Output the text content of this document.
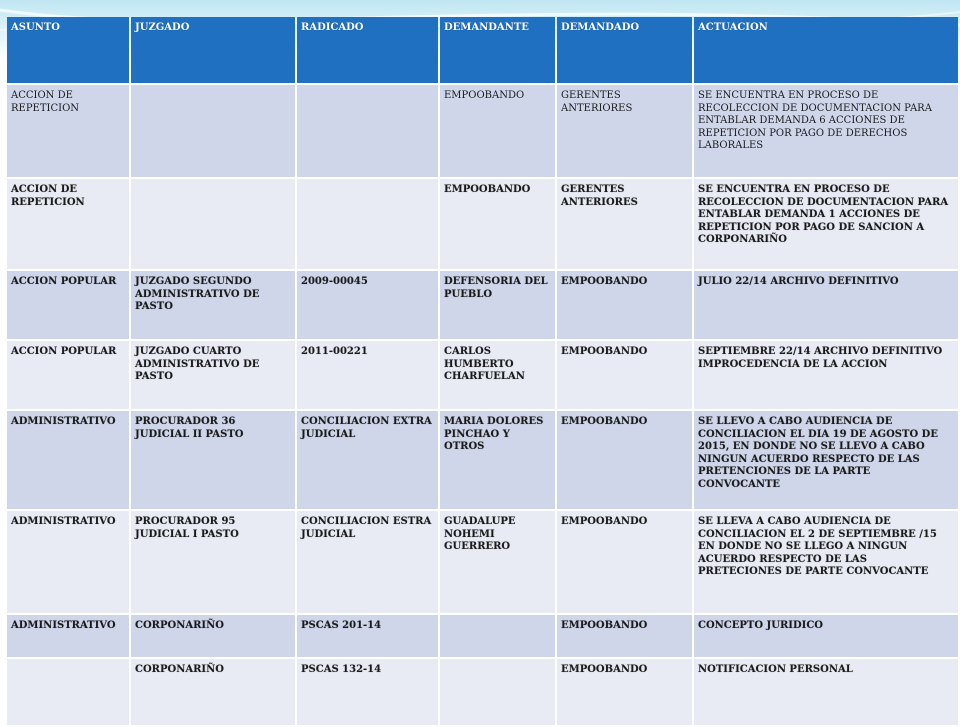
ASUNTO	JUZGADO	RADICADO	DEMANDANTE	DEMANDADO	ACTUACION
ACCION DE REPETICION			EMPOOBANDO	GERENTES ANTERIORES	SE ENCUENTRA EN PROCESO DE RECOLECCION DE DOCUMENTACION PARA ENTABLAR DEMANDA 6 ACCIONES DE REPETICION POR PAGO DE DERECHOS LABORALES
ACCION DE REPETICION			EMPOOBANDO	GERENTES ANTERIORES	SE ENCUENTRA EN PROCESO DE RECOLECCION DE DOCUMENTACION PARA ENTABLAR DEMANDA 1 ACCIONES DE REPETICION POR PAGO DE SANCION A CORPONARIÑO
ACCION POPULAR	JUZGADO SEGUNDO ADMINISTRATIVO DE PASTO	2009-00045	DEFENSORIA DEL PUEBLO	EMPOOBANDO	JULIO 22/14 ARCHIVO DEFINITIVO
ACCION POPULAR	JUZGADO CUARTO ADMINISTRATIVO DE PASTO	2011-00221	CARLOS HUMBERTO CHARFUELAN	EMPOOBANDO	SEPTIEMBRE 22/14 ARCHIVO DEFINITIVO IMPROCEDENCIA DE LA ACCION
ADMINISTRATIVO	PROCURADOR 36 JUDICIAL II PASTO	CONCILIACION EXTRA JUDICIAL	MARIA DOLORES PINCHAO Y OTROS	EMPOOBANDO	SE LLEVO A CABO AUDIENCIA DE CONCILIACION EL DIA 19 DE AGOSTO DE 2015, EN DONDE NO SE LLEVO A CABO NINGUN ACUERDO RESPECTO DE LAS PRETENCIONES DE LA PARTE CONVOCANTE
ADMINISTRATIVO	PROCURADOR 95 JUDICIAL I PASTO	CONCILIACION ESTRA JUDICIAL	GUADALUPE NOHEMI GUERRERO	EMPOOBANDO	SE LLEVA A CABO AUDIENCIA DE CONCILIACION EL 2 DE SEPTIEMBRE /15 EN DONDE NO SE LLEGO A NINGUN ACUERDO RESPECTO DE LAS PRETECIONES DE PARTE CONVOCANTE
ADMINISTRATIVO	CORPONARIÑO	PSCAS 201-14		EMPOOBANDO	CONCEPTO JURIDICO
	CORPONARIÑO	PSCAS 132-14		EMPOOBANDO	NOTIFICACION PERSONAL
